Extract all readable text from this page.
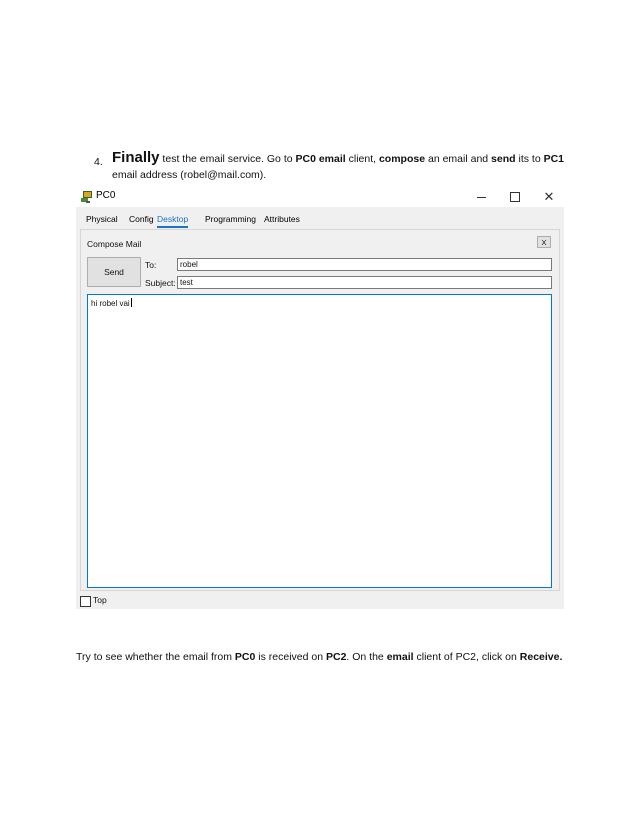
4. Finally test the email service. Go to PC0 email client, compose an email and send its to PC1 email address (robel@mail.com).
PC0	✕
Physical Config Desktop Programming Attributes
Compose Mail	X
Send
To:	robel
Subject: test
hi robel vai
Top
Try to see whether the email from PC0 is received on PC2. On the email client of PC2, click on Receive.
